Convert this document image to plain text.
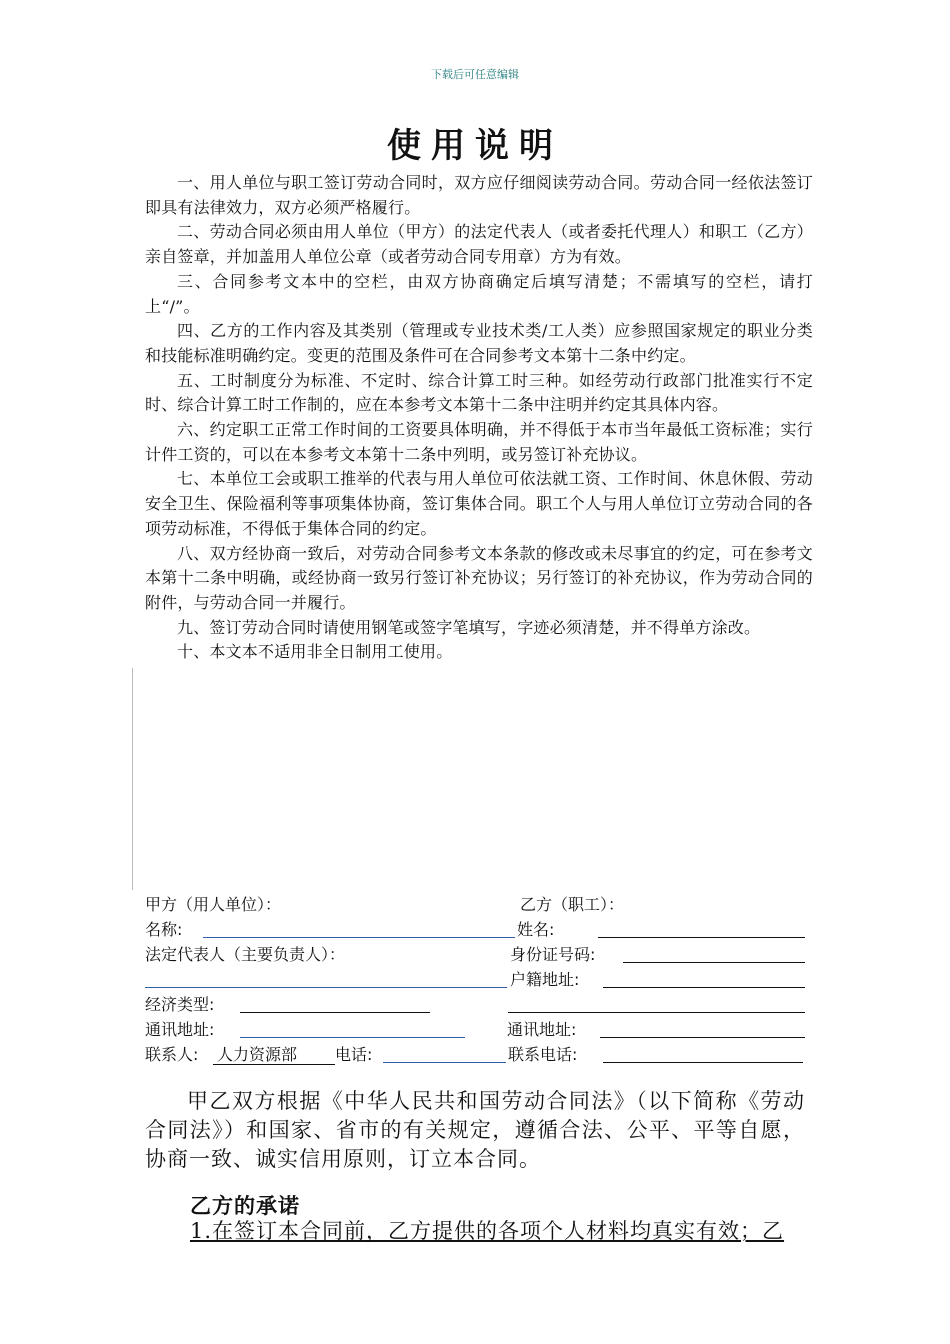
下载后可任意编辑
使用说明

一、用人单位与职工签订劳动合同时，双方应仔细阅读劳动合同。劳动合同一经依法签订即具有法律效力，双方必须严格履行。

二、劳动合同必须由用人单位（甲方）的法定代表人（或者委托代理人）和职工（乙方）亲自签章，并加盖用人单位公章（或者劳动合同专用章）方为有效。

三、合同参考文本中的空栏，由双方协商确定后填写清楚；不需填写的空栏，请打上“/”。

四、乙方的工作内容及其类别（管理或专业技术类/工人类）应参照国家规定的职业分类和技能标准明确约定。变更的范围及条件可在合同参考文本第十二条中约定。

五、工时制度分为标准、不定时、综合计算工时三种。如经劳动行政部门批准实行不定时、综合计算工时工作制的，应在本参考文本第十二条中注明并约定其具体内容。

六、约定职工正常工作时间的工资要具体明确，并不得低于本市当年最低工资标准；实行计件工资的，可以在本参考文本第十二条中列明，或另签订补充协议。

七、本单位工会或职工推举的代表与用人单位可依法就工资、工作时间、休息休假、劳动安全卫生、保险福利等事项集体协商，签订集体合同。职工个人与用人单位订立劳动合同的各项劳动标准，不得低于集体合同的约定。

八、双方经协商一致后，对劳动合同参考文本条款的修改或未尽事宜的约定，可在参考文本第十二条中明确，或经协商一致另行签订补充协议；另行签订的补充协议，作为劳动合同的附件，与劳动合同一并履行。

九、签订劳动合同时请使用钢笔或签字笔填写，字迹必须清楚，并不得单方涂改。

十、本文本不适用非全日制用工使用。

甲方（用人单位）：	乙方（职工）：
名称:	姓名:
法定代表人（主要负责人）：	身份证号码:
户籍地址:
经济类型:
通讯地址:	通讯地址:
联系人: 人力资源部	电话:	联系电话:

甲乙双方根据《中华人民共和国劳动合同法》（以下简称《劳动合同法》）和国家、省市的有关规定，遵循合法、公平、平等自愿，协商一致、诚实信用原则，订立本合同。

乙方的承诺
1.在签订本合同前，乙方提供的各项个人材料均真实有效；乙
